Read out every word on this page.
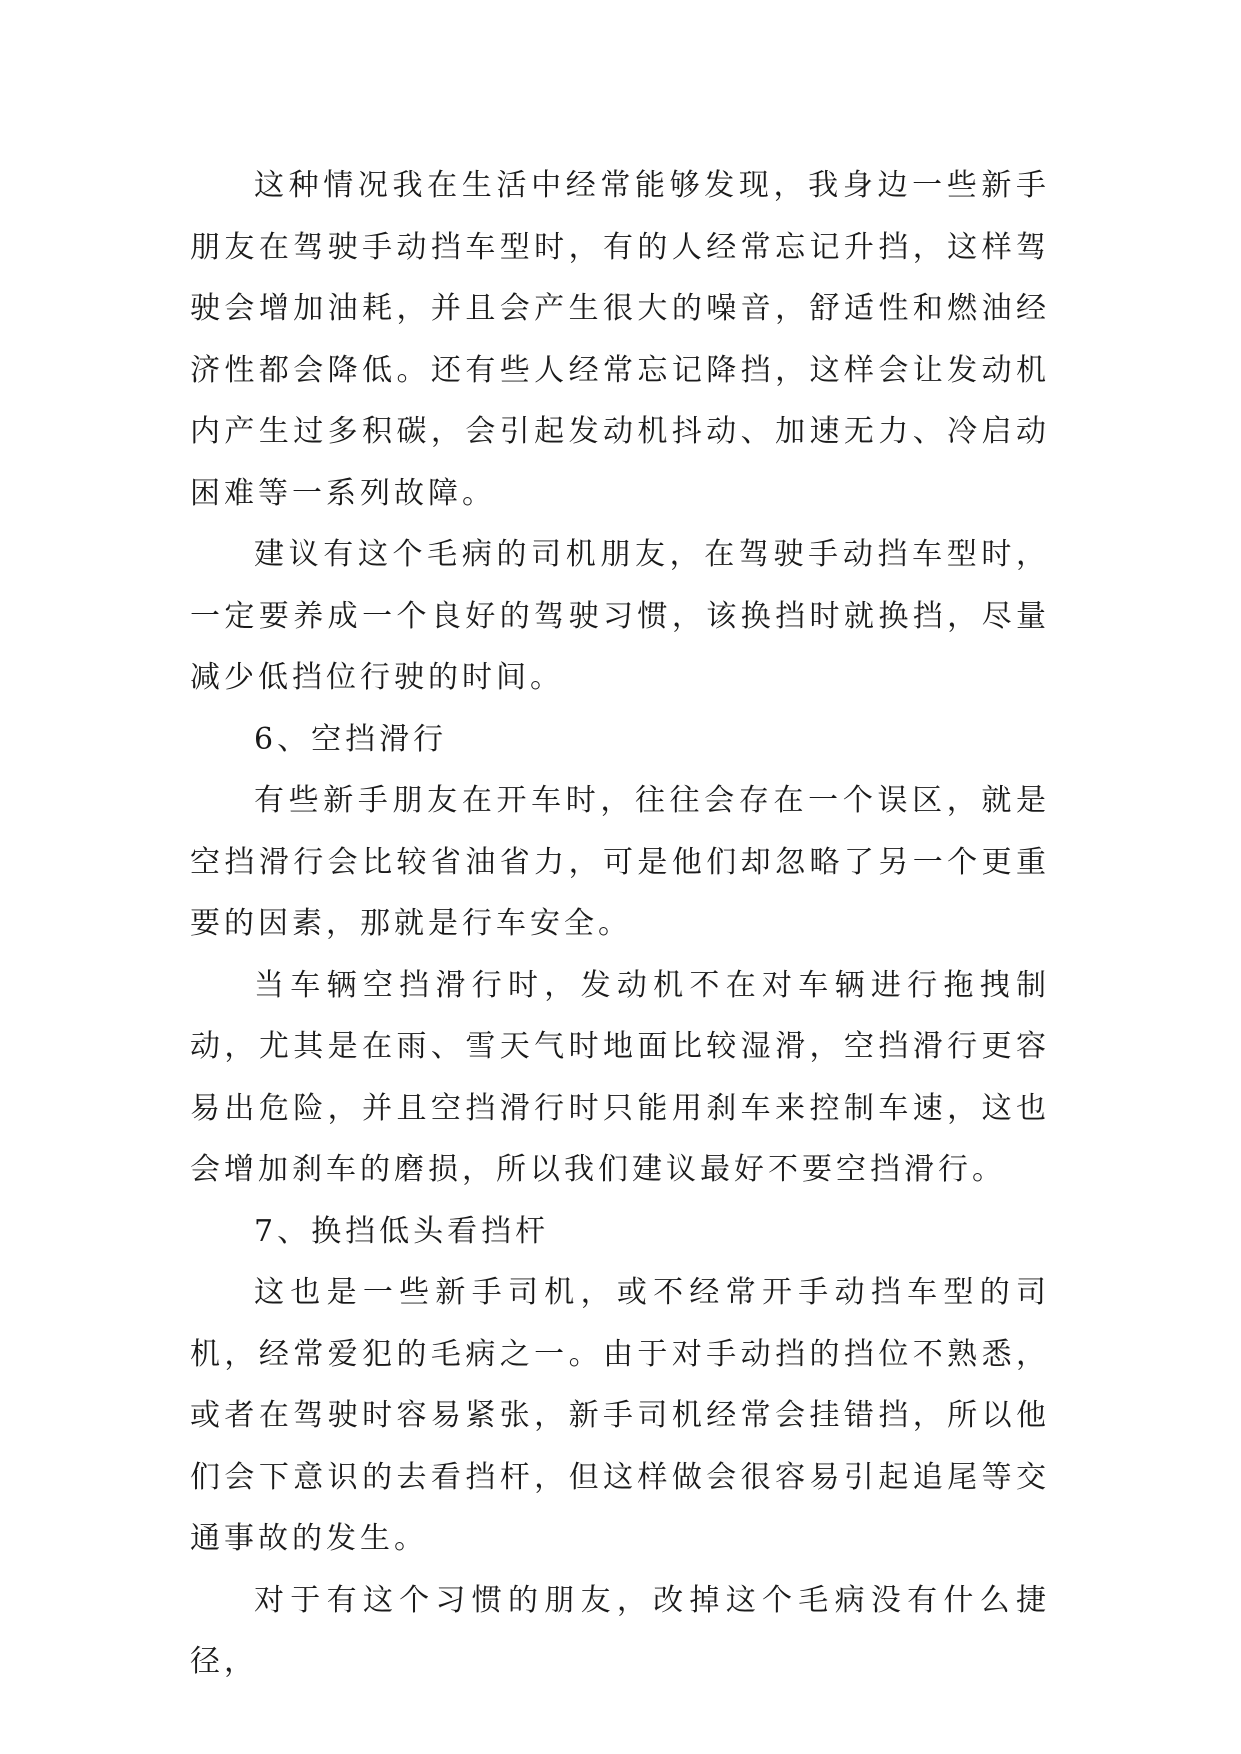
这种情况我在生活中经常能够发现，我身边一些新手朋友在驾驶手动挡车型时，有的人经常忘记升挡，这样驾驶会增加油耗，并且会产生很大的噪音，舒适性和燃油经济性都会降低。还有些人经常忘记降挡，这样会让发动机内产生过多积碳，会引起发动机抖动、加速无力、冷启动困难等一系列故障。

建议有这个毛病的司机朋友，在驾驶手动挡车型时，一定要养成一个良好的驾驶习惯，该换挡时就换挡，尽量减少低挡位行驶的时间。

6、空挡滑行

有些新手朋友在开车时，往往会存在一个误区，就是空挡滑行会比较省油省力，可是他们却忽略了另一个更重要的因素，那就是行车安全。

当车辆空挡滑行时，发动机不在对车辆进行拖拽制动，尤其是在雨、雪天气时地面比较湿滑，空挡滑行更容易出危险，并且空挡滑行时只能用刹车来控制车速，这也会增加刹车的磨损，所以我们建议最好不要空挡滑行。

7、换挡低头看挡杆

这也是一些新手司机，或不经常开手动挡车型的司机，经常爱犯的毛病之一。由于对手动挡的挡位不熟悉，或者在驾驶时容易紧张，新手司机经常会挂错挡，所以他们会下意识的去看挡杆，但这样做会很容易引起追尾等交通事故的发生。

对于有这个习惯的朋友，改掉这个毛病没有什么捷径，
